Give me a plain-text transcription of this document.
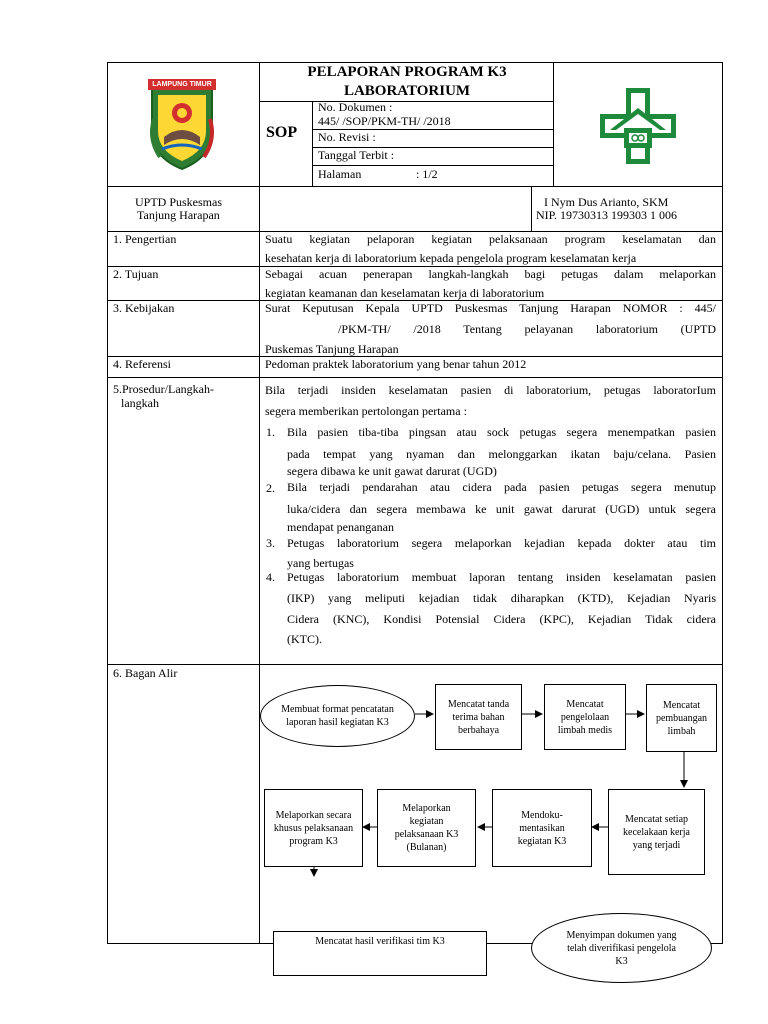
LAMPUNG TIMUR
PELAPORAN PROGRAM K3
LABORATORIUM
SOP
No. Dokumen :
445/ /SOP/PKM-TH/ /2018
No. Revisi :
Tanggal Terbit :
Halaman	: 1/2
UPTD Puskesmas
Tanjung Harapan
I Nym Dus Arianto, SKM
NIP. 19730313 199303 1 006
1. Pengertian	Suatu kegiatan pelaporan kegiatan pelaksanaan program keselamatan dan
kesehatan kerja di laboratorium kepada pengelola program keselamatan kerja
2. Tujuan	Sebagai acuan penerapan langkah-langkah bagi petugas dalam melaporkan
kegiatan keamanan dan keselamatan kerja di laboratorium
3. Kebijakan	Surat Keputusan Kepala UPTD Puskesmas Tanjung Harapan NOMOR : 445/
/PKM-TH/ /2018 Tentang pelayanan laboratorium (UPTD
Puskemas Tanjung Harapan
4. Referensi	Pedoman praktek laboratorium yang benar tahun 2012
5.Prosedur/Langkah-
langkah
Bila terjadi insiden keselamatan pasien di laboratorium, petugas laboratorIum
segera memberikan pertolongan pertama :
1. Bila pasien tiba-tiba pingsan atau sock petugas segera menempatkan pasien
pada tempat yang nyaman dan melonggarkan ikatan baju/celana. Pasien
segera dibawa ke unit gawat darurat (UGD)
2. Bila terjadi pendarahan atau cidera pada pasien petugas segera menutup
luka/cidera dan segera membawa ke unit gawat darurat (UGD) untuk segera
mendapat penanganan
3. Petugas laboratorium segera melaporkan kejadian kepada dokter atau tim
yang bertugas
4. Petugas laboratorium membuat laporan tentang insiden keselamatan pasien
(IKP) yang meliputi kejadian tidak diharapkan (KTD), Kejadian Nyaris
Cidera (KNC), Kondisi Potensial Cidera (KPC), Kejadian Tidak cidera
(KTC).
6. Bagan Alir
Membuat format pencatatan laporan hasil kegiatan K3
Mencatat tanda terima bahan berbahaya
Mencatat pengelolaan limbah medis
Mencatat pembuangan limbah
Mencatat setiap kecelakaan kerja yang terjadi
Mendoku-mentasikan kegiatan K3
Melaporkan kegiatan pelaksanaan K3 (Bulanan)
Melaporkan secara khusus pelaksanaan program K3
Mencatat hasil verifikasi tim K3
Menyimpan dokumen yang telah diverifikasi pengelola K3
